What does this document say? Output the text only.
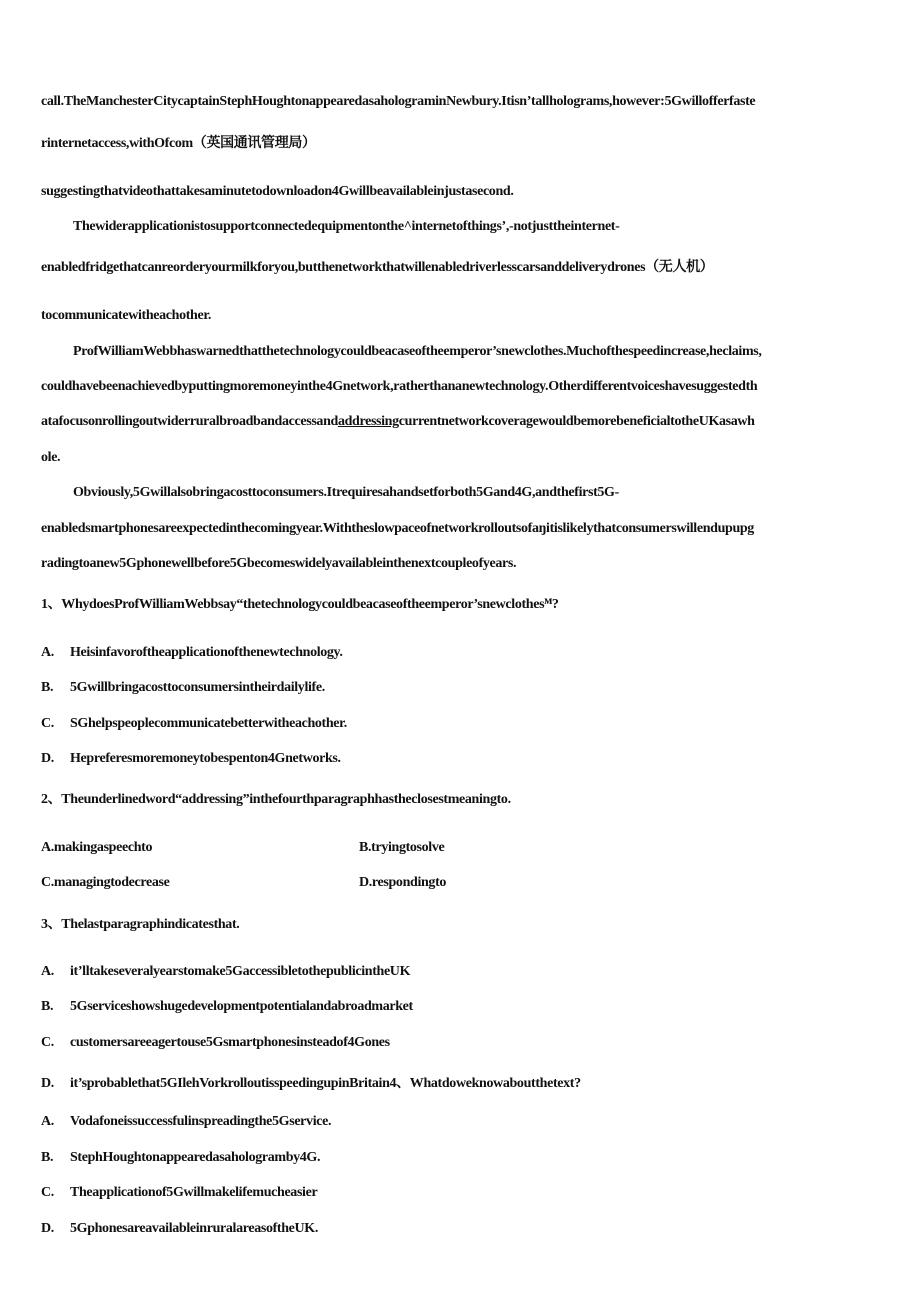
call.TheManchesterCitycaptainStephHoughtonappearedasahologramin​Newbury.Itisn’tallholograms,however:5Gwillofferfaste
rinternetaccess,withOfcom（英国通讯管理局）
suggestingthatvideothattakesaminutetodownloadon4Gwillbeavailableinjustasecond.
Thewiderapplicationistosupportconnectedequipmentonthe^internetofthings’,-notjusttheinternet-
enabledfridgethatcanreorderyourmilkforyou,butthenetworkthatwillenabledriverlesscarsanddeliverydrones（无人机）
tocommunicatewitheachother.
ProfWilliamWebbhaswarnedthatthetechnologycouldbeacaseoftheemperor’snewclothes.Muchofthespeedincrease,heclaims,
couldhavebeenachievedbyputtingmoremoneyinthe4Gnetwork,ratherthananewtechnology.Otherdifferentvoiceshavesuggestedth
atafocusonrollingoutwiderruralbroadbandaccessandaddressingcurrentnetworkcoveragewouldbemorebeneficialtotheUKasawh
ole.
Obviously,5Gwillalsobringacosttoconsumers.Itrequiresahandsetforboth5Gand4G,andthefirst5G-
enabledsmartphonesareexpectedinthecomingyear.Withtheslowpaceofnetworkrolloutsofaŋitislikelythatconsumerswillendupupg
radingtoanew5Gphonewellbefore5Gbecomeswidelyavailableinthenextcoupleofyears.
1、WhydoesProfWilliamWebbsay“thetechnologycouldbeacaseoftheemperor’snewclothesᴹ?
A. Heisinfavoroftheapplicationofthenewtechnology.
B. 5Gwillbringacosttoconsumersintheirdailylife.
C. SGhelpspeoplecommunicatebetterwitheachother.
D. Hepreferesmoremoneytobespenton4Gnetworks.
2、Theunderlinedword“addressing”inthefourthparagraphhastheclosestmeaningto.
A.makingaspeechto	B.tryingtosolve
C.managingtodecrease	D.respondingto
3、Thelastparagraphindicatesthat.
A. it’lltakeseveralyearstomake5GaccessibletothepublicintheUK
B. 5Gserviceshowshugedevelopmentpotentialandabroadmarket
C. customersareeagertouse5Gsmartphonesinsteadof4Gones
D. it’sprobablethat5GIlehVorkrolloutisspeedingupinBritain4、Whatdoweknowaboutthetext?
A. Vodafoneissuccessfulinspreadingthe5Gservice.
B. StephHoughtonappearedasahologramby4G.
C. Theapplicationof5Gwillmakelifemucheasier
D. 5GphonesareavailableinruralareasoftheUK.
